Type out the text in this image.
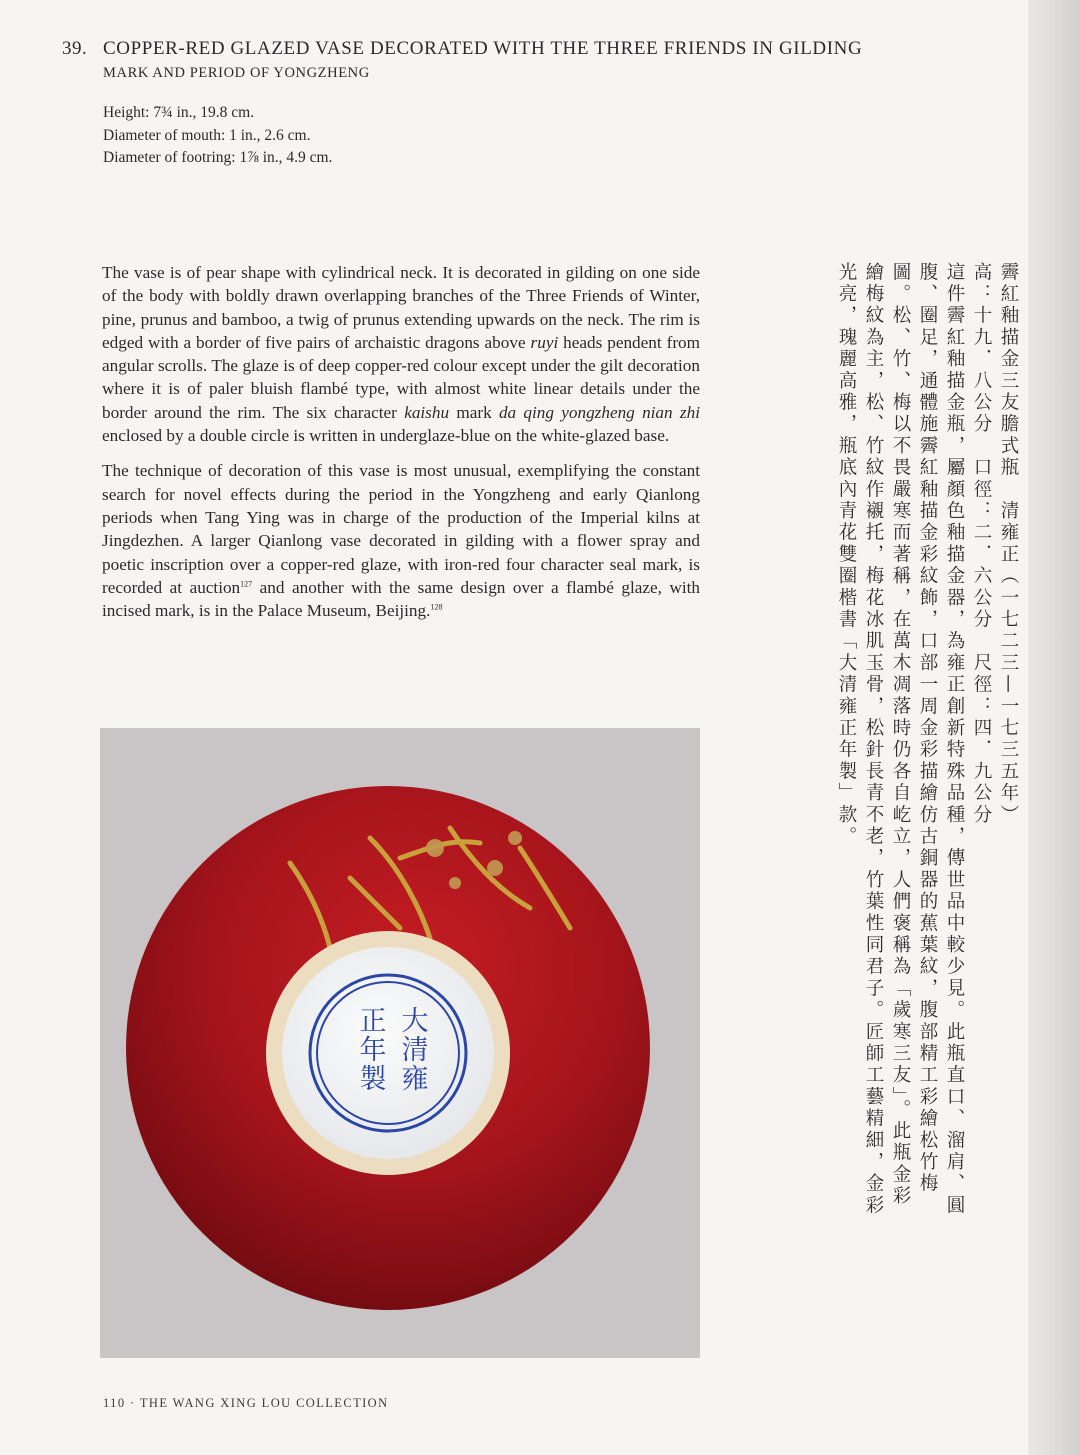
39. COPPER-RED GLAZED VASE DECORATED WITH THE THREE FRIENDS IN GILDING
MARK AND PERIOD OF YONGZHENG
Height: 7¾ in., 19.8 cm.
Diameter of mouth: 1 in., 2.6 cm.
Diameter of footring: 1⅞ in., 4.9 cm.

The vase is of pear shape with cylindrical neck. It is decorated in gilding on one side of the body with boldly drawn overlapping branches of the Three Friends of Winter, pine, prunus and bamboo, a twig of prunus extending upwards on the neck. The rim is edged with a border of five pairs of archaistic dragons above ruyi heads pendent from angular scrolls. The glaze is of deep copper-red colour except under the gilt decoration where it is of paler bluish flambé type, with almost white linear details under the border around the rim. The six character kaishu mark da qing yongzheng nian zhi enclosed by a double circle is written in underglaze-blue on the white-glazed base.

The technique of decoration of this vase is most unusual, exemplifying the constant search for novel effects during the period in the Yongzheng and early Qianlong periods when Tang Ying was in charge of the production of the Imperial kilns at Jingdezhen. A larger Qianlong vase decorated in gilding with a flower spray and poetic inscription over a copper-red glaze, with iron-red four character seal mark, is recorded at auction$^{127}$ and another with the same design over a flambé glaze, with incised mark, is in the Palace Museum, Beijing.$^{128}$	霽紅釉描金三友膽式瓶　清雍正（一七二三—一七三五年）
高：十九．八公分　口徑：二．六公分　尺徑：四．九公分
這件霽紅釉描金瓶，屬顏色釉描金器，為雍正創新特殊品種，傳世品中較少見。此瓶直口、溜肩、圓
腹、圈足，通體施霽紅釉描金彩紋飾，口部一周金彩描繪仿古銅器的蕉葉紋，腹部精工彩繪松竹梅
圖。松、竹、梅以不畏嚴寒而著稱，在萬木凋落時仍各自屹立，人們褒稱為「歲寒三友」。此瓶金彩
繪梅紋為主，松、竹紋作襯托，梅花冰肌玉骨，松針長青不老，竹葉性同君子。匠師工藝精細，金彩
光亮，瑰麗高雅，瓶底內青花雙圈楷書「大清雍正年製」款。
大清雍
正年製
110 · THE WANG XING LOU COLLECTION
